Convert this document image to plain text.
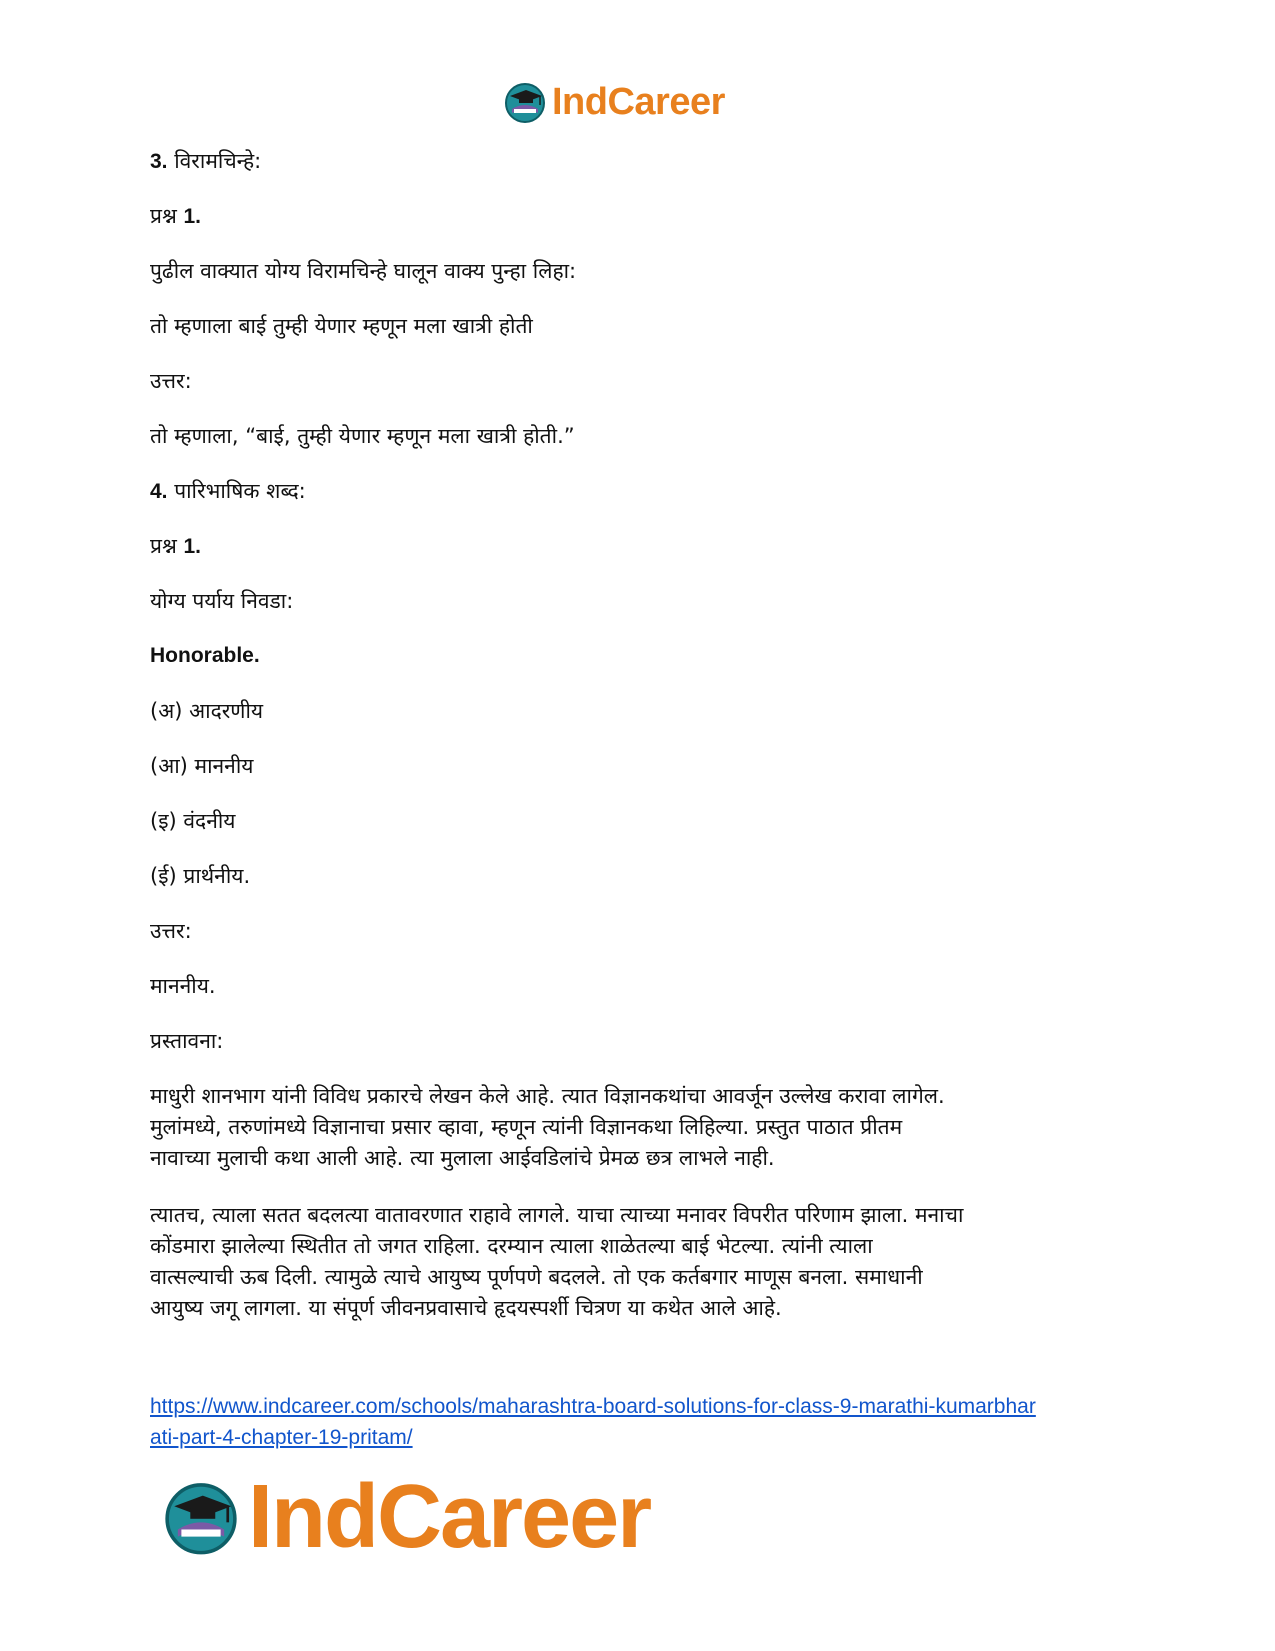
IndCareer
3. विरामचिन्हे:
प्रश्न 1.
पुढील वाक्यात योग्य विरामचिन्हे घालून वाक्य पुन्हा लिहा:
तो म्हणाला बाई तुम्ही येणार म्हणून मला खात्री होती
उत्तर:
तो म्हणाला, “बाई, तुम्ही येणार म्हणून मला खात्री होती.”
4. पारिभाषिक शब्द:
प्रश्न 1.
योग्य पर्याय निवडा:
Honorable.
(अ) आदरणीय
(आ) माननीय
(इ) वंदनीय
(ई) प्रार्थनीय.
उत्तर:
माननीय.
प्रस्तावना:
माधुरी शानभाग यांनी विविध प्रकारचे लेखन केले आहे. त्यात विज्ञानकथांचा आवर्जून उल्लेख करावा लागेल.
मुलांमध्ये, तरुणांमध्ये विज्ञानाचा प्रसार व्हावा, म्हणून त्यांनी विज्ञानकथा लिहिल्या. प्रस्तुत पाठात प्रीतम
नावाच्या मुलाची कथा आली आहे. त्या मुलाला आईवडिलांचे प्रेमळ छत्र लाभले नाही.
त्यातच, त्याला सतत बदलत्या वातावरणात राहावे लागले. याचा त्याच्या मनावर विपरीत परिणाम झाला. मनाचा
कोंडमारा झालेल्या स्थितीत तो जगत राहिला. दरम्यान त्याला शाळेतल्या बाई भेटल्या. त्यांनी त्याला
वात्सल्याची ऊब दिली. त्यामुळे त्याचे आयुष्य पूर्णपणे बदलले. तो एक कर्तबगार माणूस बनला. समाधानी
आयुष्य जगू लागला. या संपूर्ण जीवनप्रवासाचे हृदयस्पर्शी चित्रण या कथेत आले आहे.
https://www.indcareer.com/schools/maharashtra-board-solutions-for-class-9-marathi-kumarbhar
ati-part-4-chapter-19-pritam/
IndCareer
